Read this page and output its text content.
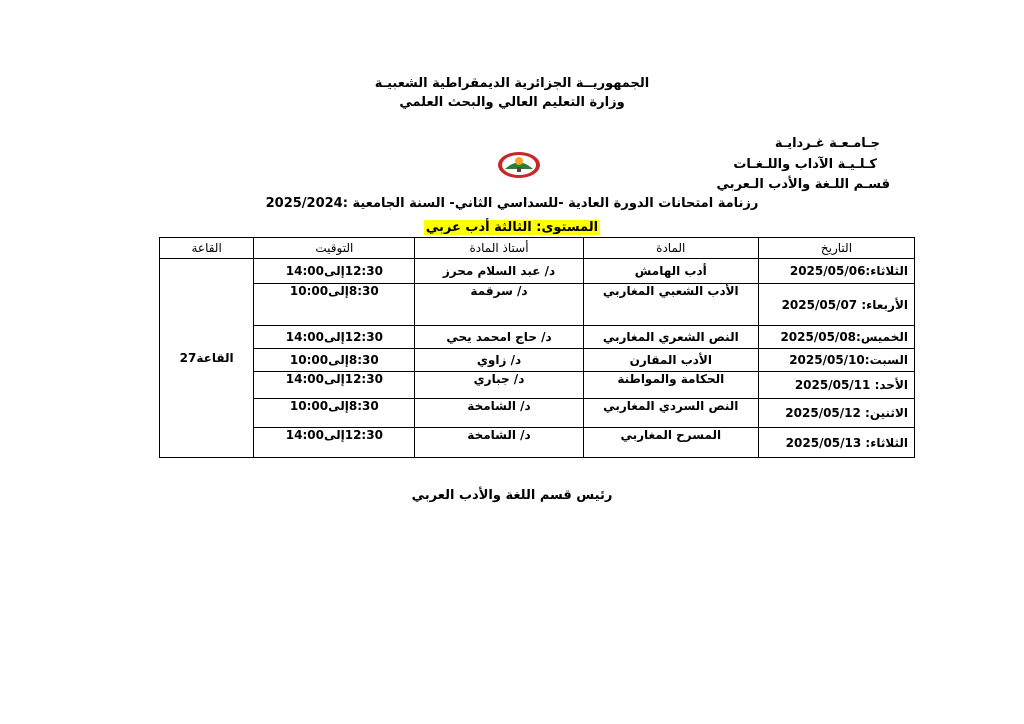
الجمهوريــة الجزائرية الديمقراطية الشعبيـة
وزارة التعليم العالي والبحث العلمي
جـامـعـة غـردايـة
كـلـيـة الآداب واللـغـات
قسـم اللـغة والأدب الـعربي
رزنامة امتحانات الدورة العادية -للسداسي الثاني- السنة الجامعية :2025/2024
المستوى: الثالثة أدب عربي
التاريخ	المادة	أستاذ المادة	التوقيت	القاعة
الثلاثاء:2025/05/06	أدب الهامش	د/ عبد السلام محرز	12:30إلى14:00	القاعة27
الأربعاء: 2025/05/07	الأدب الشعبي المغاربي	د/ سرقمة	8:30إلى10:00	
الخميس:2025/05/08	النص الشعري المغاربي	د/ حاج امحمد يحي	12:30إلى14:00	
السبت:2025/05/10	الأدب المقارن	د/ زاوي	8:30إلى10:00	
الأحد: 2025/05/11	الحكامة والمواطنة	د/ جباري	12:30إلى14:00	
الاثنين: 2025/05/12	النص السردي المغاربي	د/ الشامخة	8:30إلى10:00	
الثلاثاء: 2025/05/13	المسرح المغاربي	د/ الشامخة	12:30إلى14:00	
رئيس قسم اللغة والأدب العربي
